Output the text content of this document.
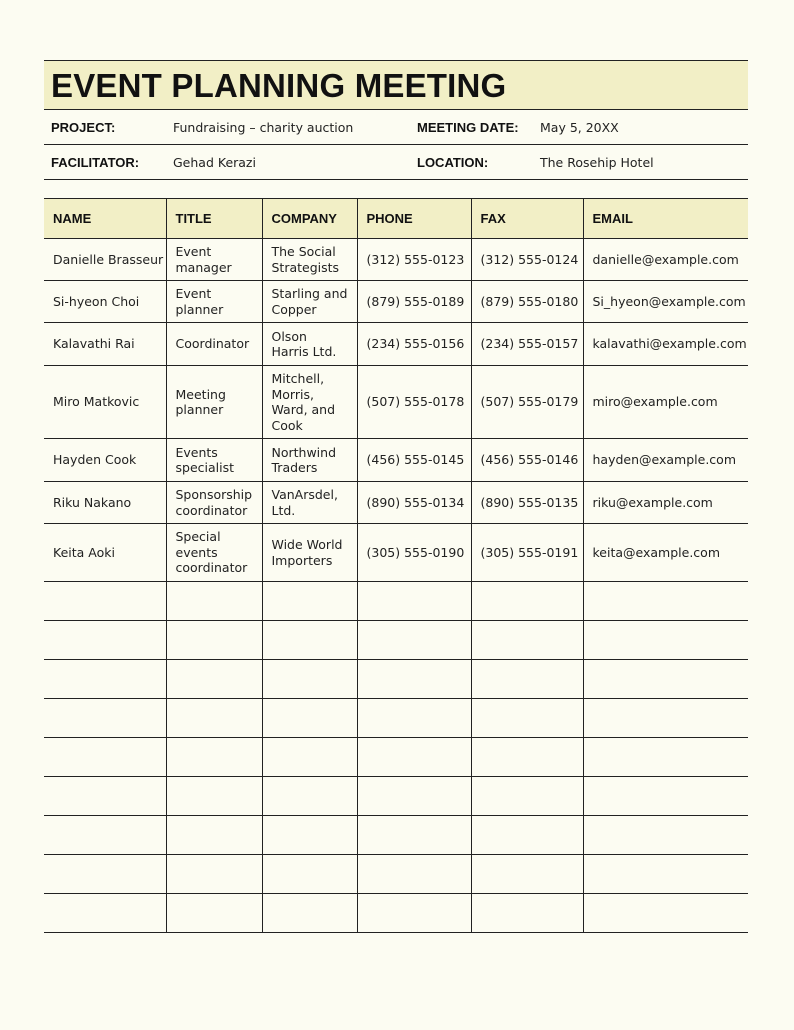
EVENT PLANNING MEETING
PROJECT:	Fundraising – charity auction	MEETING DATE: May 5, 20XX
FACILITATOR:	Gehad Kerazi	LOCATION:	The Rosehip Hotel
NAME	TITLE	COMPANY	PHONE	FAX	EMAIL
Danielle Brasseur	Event manager	The Social Strategists	(312) 555-0123	(312) 555-0124	danielle@example.com
Si-hyeon Choi	Event planner	Starling and Copper	(879) 555-0189	(879) 555-0180	Si_hyeon@example.com
Kalavathi Rai	Coordinator	Olson Harris Ltd.	(234) 555-0156	(234) 555-0157	kalavathi@example.com
Miro Matkovic	Meeting planner	Mitchell, Morris, Ward, and Cook	(507) 555-0178	(507) 555-0179	miro@example.com
Hayden Cook	Events specialist	Northwind Traders	(456) 555-0145	(456) 555-0146	hayden@example.com
Riku Nakano	Sponsorship coordinator	VanArsdel, Ltd.	(890) 555-0134	(890) 555-0135	riku@example.com
Keita Aoki	Special events coordinator	Wide World Importers	(305) 555-0190	(305) 555-0191	keita@example.com
